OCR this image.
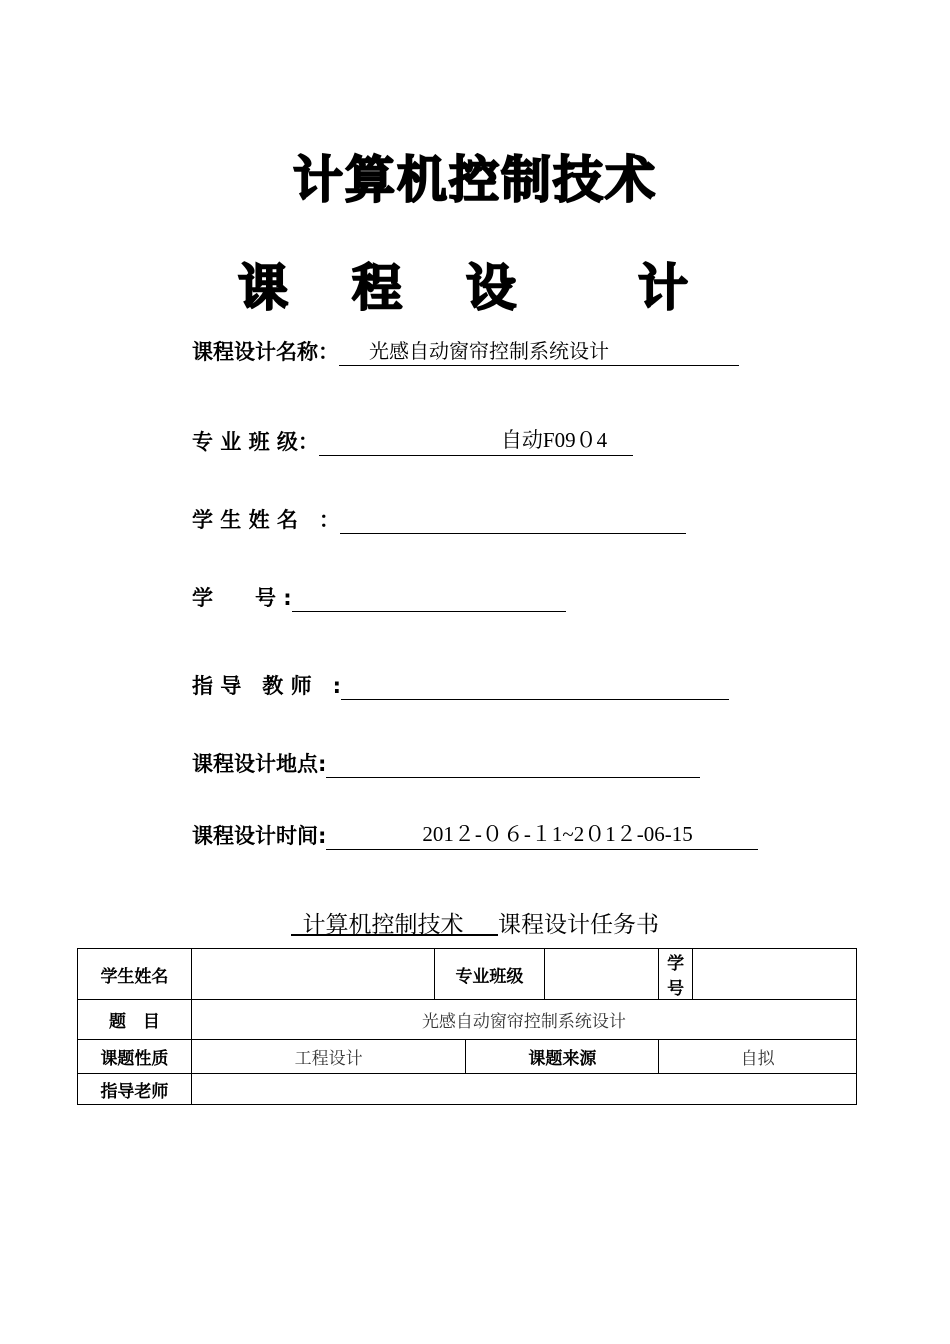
计算机控制技术
课 程 设 计
课程设计名称： 光感自动窗帘控制系统设计
专 业 班 级：	自动F09０4
学 生 姓 名　：
学　　号 :
指 导　教 师　:
课程设计地点:
课程设计时间:	201２-０６-１1~2０1２-06-15
 计算机控制技术   课程设计任务书
学生姓名		专业班级			学号	
题　目	光感自动窗帘控制系统设计					
课题性质	工程设计		课题来源		自拟	
指导老师						
